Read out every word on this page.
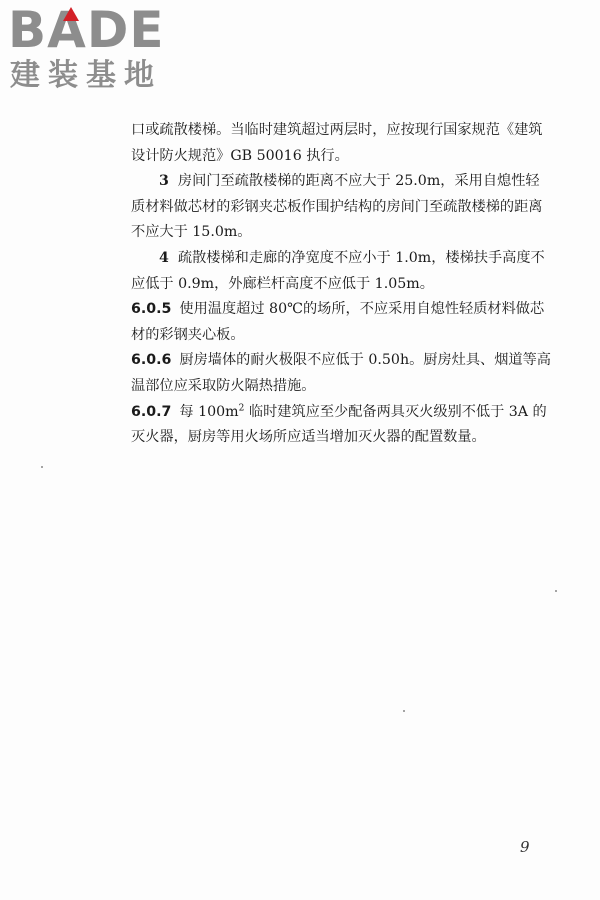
BADE
建装基地

口或疏散楼梯。当临时建筑超过两层时，应按现行国家规范《建筑设计防火规范》GB 50016 执行。

3 房间门至疏散楼梯的距离不应大于 25.0m，采用自熄性轻质材料做芯材的彩钢夹芯板作围护结构的房间门至疏散楼梯的距离不应大于 15.0m。

4 疏散楼梯和走廊的净宽度不应小于 1.0m，楼梯扶手高度不应低于 0.9m，外廊栏杆高度不应低于 1.05m。

6.0.5 使用温度超过 80℃的场所，不应采用自熄性轻质材料做芯材的彩钢夹心板。

6.0.6 厨房墙体的耐火极限不应低于 0.50h。厨房灶具、烟道等高温部位应采取防火隔热措施。

6.0.7 每 $100m^2$ 临时建筑应至少配备两具灭火级别不低于 3A 的灭火器，厨房等用火场所应适当增加灭火器的配置数量。

9
